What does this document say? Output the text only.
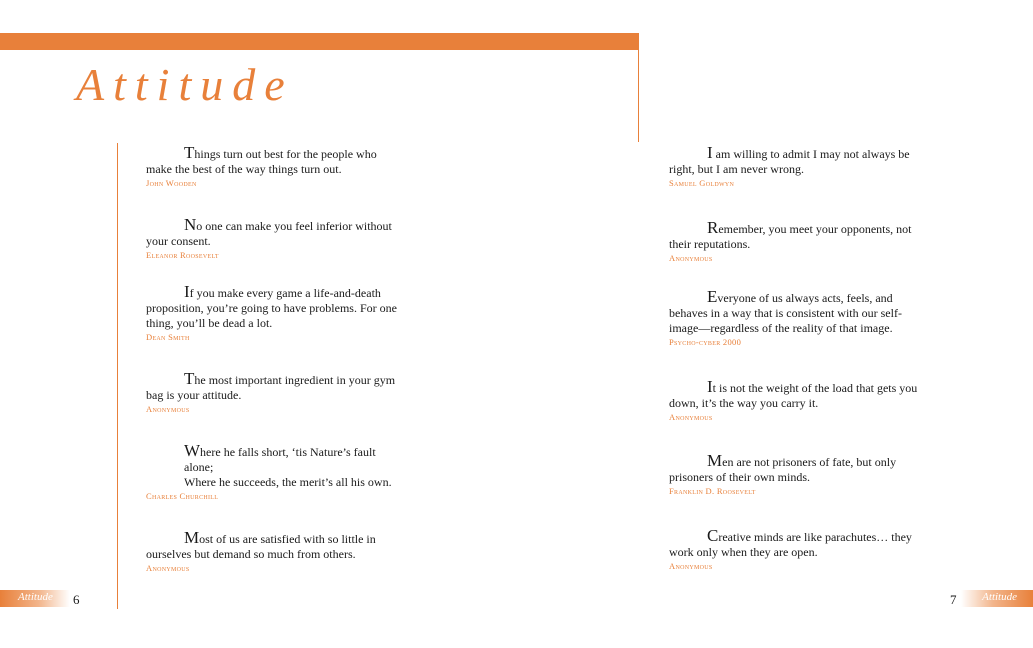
Attitude

Things turn out best for the people who

make the best of the way things turn out.

John Wooden

No one can make you feel inferior without

your consent.

Eleanor Roosevelt

If you make every game a life-and-death

proposition, you’re going to have problems. For one

thing, you’ll be dead a lot.

Dean Smith

The most important ingredient in your gym

bag is your attitude.

Anonymous

Where he falls short, ‘tis Nature’s fault

alone;

Where he succeeds, the merit’s all his own.

Charles Churchill

Most of us are satisfied with so little in

ourselves but demand so much from others.

Anonymous

I am willing to admit I may not always be

right, but I am never wrong.

Samuel Goldwyn

Remember, you meet your opponents, not

their reputations.

Anonymous

Everyone of us always acts, feels, and

behaves in a way that is consistent with our self-

image—regardless of the reality of that image.

Psycho-cyber 2000

It is not the weight of the load that gets you

down, it’s the way you carry it.

Anonymous

Men are not prisoners of fate, but only

prisoners of their own minds.

Franklin D. Roosevelt

Creative minds are like parachutes… they

work only when they are open.

Anonymous
Attitude 6	7 Attitude
